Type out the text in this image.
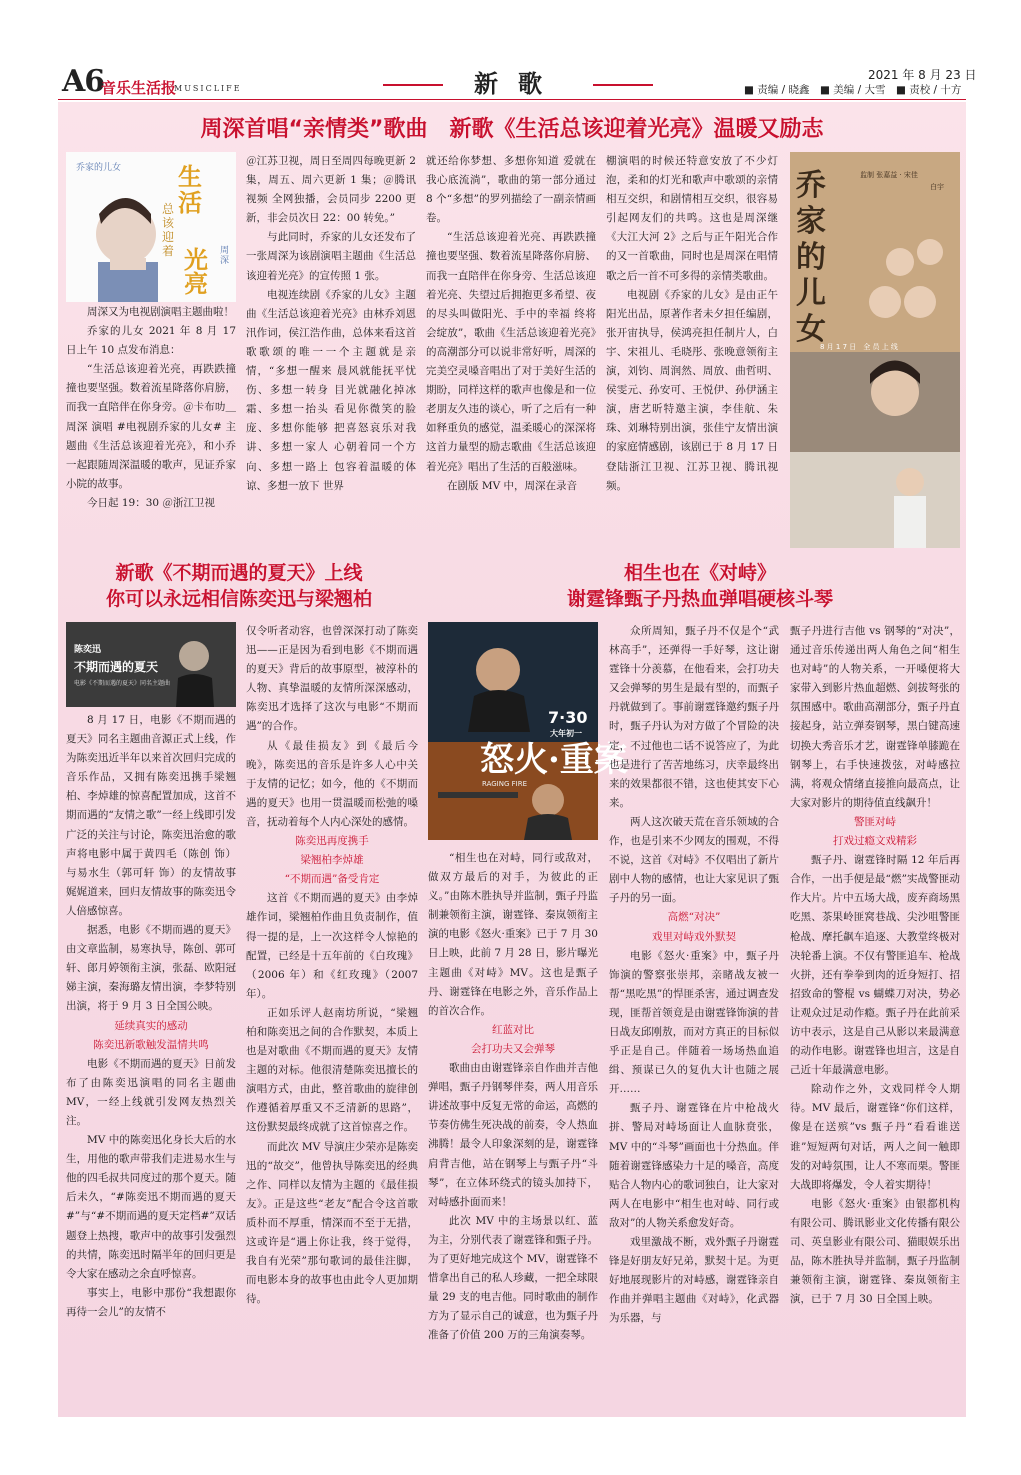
A6
音乐生活报
MUSICLIFE	新歌	2021 年 8 月 23 日
■ 责编 / 晓鑫　■ 美编 / 大雪　■ 责校 / 十方
周深首唱“亲情类”歌曲　新歌《生活总该迎着光亮》温暖又励志
乔家的儿女 生活
总该迎着 光亮
周深

周深又为电视剧演唱主题曲啦！

乔家的儿女 2021 年 8 月 17 日上午 10 点发布消息：

“生活总该迎着光亮，再跌跌撞撞也要坚强。数着流星降落你肩膀，而我一直陪伴在你身旁。＠卡布叻＿周深 演唱 #电视剧乔家的儿女# 主题曲《生活总该迎着光亮》，和小乔一起跟随周深温暖的歌声，见证乔家小院的故事。

今日起 19：30 ＠浙江卫视

＠江苏卫视，周日至周四每晚更新 2 集，周五、周六更新 1 集；＠腾讯视频 全网独播，会员同步 2200 更新，非会员次日 22：00 转免。”

与此同时，乔家的儿女还发布了一张周深为该剧演唱主题曲《生活总该迎着光亮》的宣传照 1 张。

电视连续剧《乔家的儿女》主题曲《生活总该迎着光亮》由林乔刘恩汛作词，侯江浩作曲，总体来看这首歌歌颂的唯一一个主题就是亲情，“多想一醒来 晨风就能抚平忧伤、多想一转身 目光就融化掉冰霜、多想一抬头 看见你微笑的脸庞、多想你能够 把喜怒哀乐对我讲、多想一家人 心朝着同一个方向、多想一路上 包容着温暖的体谅、多想一放下 世界

就还给你梦想、多想你知道 爱就在我心底流淌”，歌曲的第一部分通过 8 个“多想”的罗列描绘了一副亲情画卷。

“生活总该迎着光亮、再跌跌撞撞也要坚强、数着流星降落你肩膀、而我一直陪伴在你身旁、生活总该迎着光亮、失望过后拥抱更多希望、夜的尽头叫做阳光、手中的幸福 终将会绽放”，歌曲《生活总该迎着光亮》的高潮部分可以说非常好听，周深的完美空灵嗓音唱出了对于美好生活的期盼，同样这样的歌声也像是和一位老朋友久违的谈心，听了之后有一种如释重负的感觉，温柔暖心的深深将这首力量型的励志歌曲《生活总该迎着光亮》唱出了生活的百般滋味。

在剧版 MV 中，周深在录音

棚演唱的时候还特意安放了不少灯泡，柔和的灯光和歌声中歌颂的亲情相互交织，和剧情相互交织，很容易引起网友们的共鸣。这也是周深继《大江大河 2》之后与正午阳光合作的又一首歌曲，同时也是周深在唱情歌之后一首不可多得的亲情类歌曲。

电视剧《乔家的儿女》是由正午阳光出品，原著作者未夕担任编剧，张开宙执导，侯鸿亮担任制片人，白宇、宋祖儿、毛晓彤、张晚意领衔主演，刘钧、周润然、周放、曲哲明、侯雯元、孙安可、王悦伊、孙伊涵主演，唐艺昕特邀主演，李佳航、朱珠、刘琳特别出演，张佳宁友情出演的家庭情感剧，该剧已于 8 月 17 日登陆浙江卫视、江苏卫视、腾讯视频。

乔家的儿女
监制 张嘉益 · 宋佳
白宇
8 月 1 7 日　全 员 上 线
新歌《不期而遇的夏天》上线
你可以永远相信陈奕迅与梁翘柏
陈奕迅
不期而遇的夏天
电影《不期而遇的夏天》同名主题曲

8 月 17 日，电影《不期而遇的夏天》同名主题曲音源正式上线，作为陈奕迅近半年以来首次回归完成的音乐作品，又拥有陈奕迅携手梁翘柏、李焯雄的惊喜配置加成，这首不期而遇的“友情之歌”一经上线即引发广泛的关注与讨论，陈奕迅治愈的歌声将电影中属于黄四毛（陈创 饰）与易水生（郭可轩 饰）的友情故事娓娓道来，回归友情故事的陈奕迅令人倍感惊喜。

据悉，电影《不期而遇的夏天》由文章监制，易寒执导，陈创、郭可轩、郎月婷领衔主演，张磊、欧阳冠娣主演，秦海璐友情出演，李梦特别出演，将于 9 月 3 日全国公映。

延续真实的感动

陈奕迅新歌触发温情共鸣

电影《不期而遇的夏天》日前发布了由陈奕迅演唱的同名主题曲 MV，一经上线就引发网友热烈关注。

MV 中的陈奕迅化身长大后的水生，用他的歌声带我们走进易水生与他的四毛叔共同度过的那个夏天。随后未久，“#陈奕迅不期而遇的夏天#”与“#不期而遇的夏天定档#”双话题登上热搜，歌声中的故事引发强烈的共情，陈奕迅时隔半年的回归更是令大家在感动之余直呼惊喜。

事实上，电影中那份“我想跟你再待一会儿”的友情不

仅令听者动容，也曾深深打动了陈奕迅——正是因为看到电影《不期而遇的夏天》背后的故事原型，被淳朴的人物、真挚温暖的友情所深深感动，陈奕迅才选择了这次与电影“不期而遇”的合作。

从《最佳损友》到《最后今晚》，陈奕迅的音乐是许多人心中关于友情的记忆；如今，他的《不期而遇的夏天》也用一贯温暖而松弛的嗓音，抚动着每个人内心深处的感情。

陈奕迅再度携手

梁翘柏李焯雄

“不期而遇”备受肯定

这首《不期而遇的夏天》由李焯雄作词，梁翘柏作曲且负责制作，值得一提的是，上一次这样令人惊艳的配置，已经是十五年前的《白玫瑰》（2006 年）和《红玫瑰》（2007 年）。

正如乐评人赵南坊所说，“梁翘柏和陈奕迅之间的合作默契，本质上也是对歌曲《不期而遇的夏天》友情主题的对标。他很清楚陈奕迅擅长的演唱方式，由此，整首歌曲的旋律创作遵循着厚重又不乏清新的思路”，这份默契最终成就了这首惊喜之作。

而此次 MV 导演庄少荣亦是陈奕迅的“故交”，他曾执导陈奕迅的经典之作、同样以友情为主题的《最佳损友》。正是这些“老友”配合令这首歌质朴而不厚重，情深而不至于无措，这或许是“遇上你让我，终于觉得，我自有光荣”那句歌词的最佳注脚，而电影本身的故事也由此令人更加期待。

相生也在《对峙》
谢霆锋甄子丹热血弹唱硬核斗琴
怒火·重案
7·30
大年初一
RAGING FIRE

“相生也在对峙，同行或敌对，做双方最后的对手，为彼此的正义。”由陈木胜执导并监制，甄子丹监制兼领衔主演，谢霆锋、秦岚领衔主演的电影《怒火·重案》已于 7 月 30 日上映，此前 7 月 28 日，影片曝光主题曲《对峙》MV。这也是甄子丹、谢霆锋在电影之外，音乐作品上的首次合作。

红蓝对比

会打功夫又会弹琴

歌曲由由谢霆锋亲自作曲并吉他弹唱，甄子丹钢琴伴奏，两人用音乐讲述故事中反复无常的命运，高燃的节奏仿佛生死决战的前奏，令人热血沸腾！最令人印象深刻的是，谢霆锋肩背吉他，站在钢琴上与甄子丹“斗琴”，在立体环绕式的镜头加持下，对峙感扑面而来！

此次 MV 中的主场景以红、蓝为主，分别代表了谢霆锋和甄子丹。为了更好地完成这个 MV，谢霆锋不惜拿出自己的私人珍藏，一把全球限量 29 支的电吉他。同时歌曲的制作方为了显示自己的诚意，也为甄子丹准备了价值 200 万的三角演奏琴。

众所周知，甄子丹不仅是个“武林高手”，还弹得一手好琴，这让谢霆锋十分羡慕，在他看来，会打功夫又会弹琴的男生是最有型的，而甄子丹就做到了。事前谢霆锋邀约甄子丹时，甄子丹认为对方做了个冒险的决定，不过他也二话不说答应了，为此也是进行了苦苦地练习，庆幸最终出来的效果都很不错，这也使其安下心来。

两人这次破天荒在音乐领域的合作，也是引来不少网友的围观，不得不说，这首《对峙》不仅唱出了新片剧中人物的感情，也让大家见识了甄子丹的另一面。

高燃“对决”

戏里对峙戏外默契

电影《怒火·重案》中，甄子丹饰演的警察张崇邦，亲睹战友被一帮“黑吃黑”的悍匪杀害，通过调查发现，匪帮首领竟是由谢霆锋饰演的昔日战友邱刚敖，而对方真正的目标似乎正是自己。伴随着一场场热血追缉、预谋已久的复仇大计也随之展开……

甄子丹、谢霆锋在片中枪战火拼、警局对峙场面让人血脉贲张，MV 中的“斗琴”画面也十分热血。伴随着谢霆锋感染力十足的嗓音，高度贴合人物内心的歌词独白，让大家对两人在电影中“相生也对峙、同行或敌对”的人物关系愈发好奇。

戏里激战不断，戏外甄子丹谢霆锋是好朋友好兄弟，默契十足。为更好地展现影片的对峙感，谢霆锋亲自作曲并弹唱主题曲《对峙》，化武器为乐器，与

甄子丹进行吉他 vs 钢琴的“对决”，通过音乐传递出两人角色之间“相生也对峙”的人物关系，一开嗓便将大家带入到影片热血超燃、剑拔弩张的氛围感中。歌曲高潮部分，甄子丹直接起身，站立弹奏钢琴，黑白键高速切换大秀音乐才艺，谢霆锋单膝跪在钢琴上，右手快速拨弦，对峙感拉满，将观众情绪直接推向最高点，让大家对影片的期待值直线飙升！

警匪对峙

打戏过瘾文戏精彩

甄子丹、谢霆锋时隔 12 年后再合作，一出手便是最“燃”实战警匪动作大片。片中五场大战，废弃商场黑吃黑、茶果岭匪窝巷战、尖沙咀警匪枪战、摩托飙车追逐、大教堂终极对决轮番上演。不仅有警匪追车、枪战火拼，还有拳拳到肉的近身短打、招招致命的警棍 vs 蝴蝶刀对决，势必让观众过足动作瘾。甄子丹在此前采访中表示，这是自己从影以来最满意的动作电影。谢霆锋也坦言，这是自己近十年最满意电影。

除动作之外，文戏同样令人期待。MV 最后，谢霆锋“你们这样，像是在送殡”vs 甄子丹“看看谁送谁”短短两句对话，两人之间一触即发的对峙氛围，让人不寒而栗。警匪大战即将爆发，令人着实期待！

电影《怒火·重案》由银都机构有限公司、腾讯影业文化传播有限公司、英皇影业有限公司、猫眼娱乐出品，陈木胜执导并监制，甄子丹监制兼领衔主演，谢霆锋、秦岚领衔主演，已于 7 月 30 日全国上映。
